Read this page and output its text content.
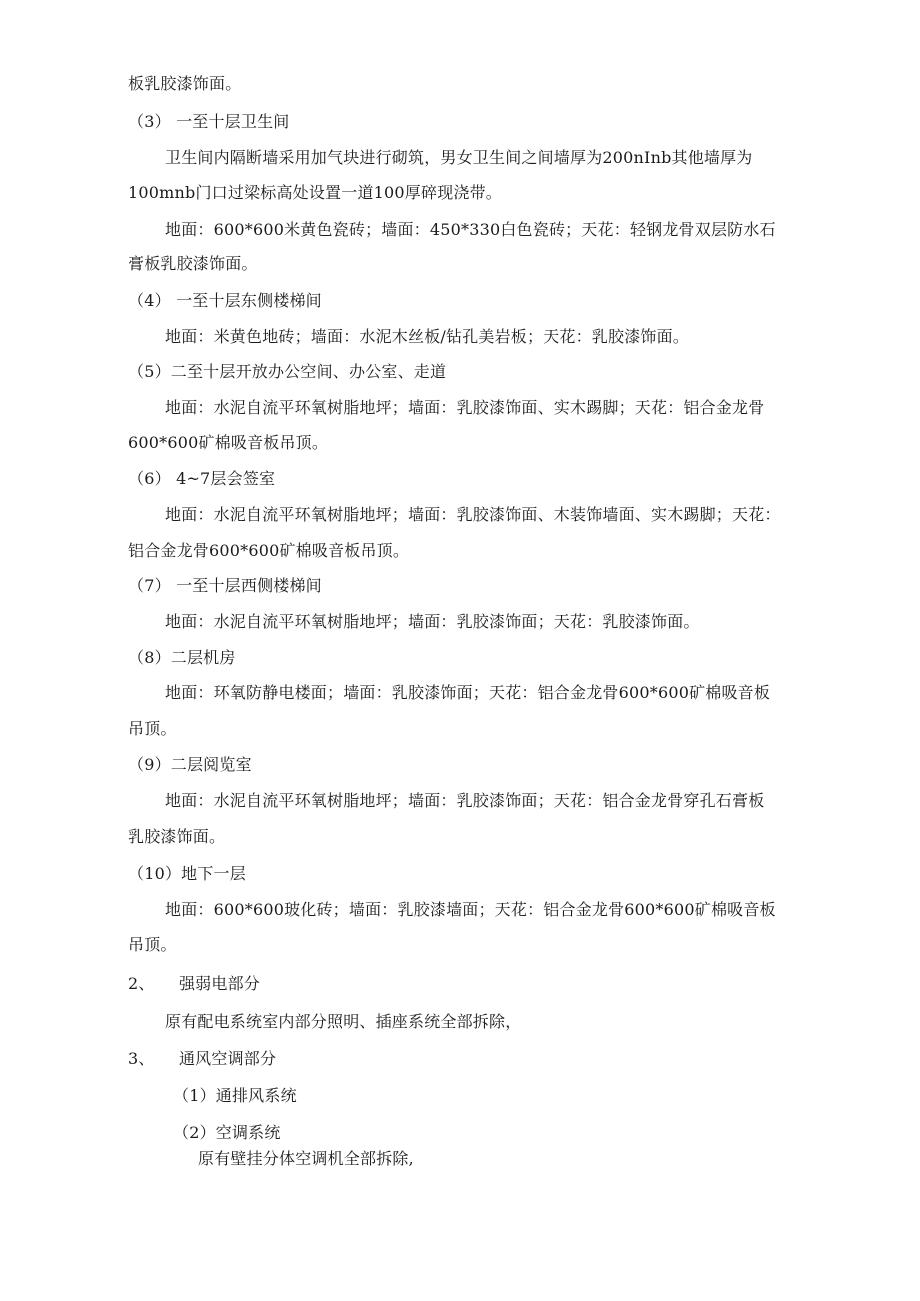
板乳胶漆饰面。
（3） 一至十层卫生间
卫生间内隔断墙采用加气块进行砌筑，男女卫生间之间墙厚为200nInb其他墙厚为
100mnb门口过梁标高处设置一道100厚碎现浇带。
地面：600*600米黄色瓷砖；墙面：450*330白色瓷砖；天花：轻钢龙骨双层防水石
膏板乳胶漆饰面。
（4） 一至十层东侧楼梯间
地面：米黄色地砖；墙面：水泥木丝板/钻孔美岩板；天花：乳胶漆饰面。
（5）二至十层开放办公空间、办公室、走道
地面：水泥自流平环氧树脂地坪；墙面：乳胶漆饰面、实木踢脚；天花：铝合金龙骨
600*600矿棉吸音板吊顶。
（6） 4~7层会签室
地面：水泥自流平环氧树脂地坪；墙面：乳胶漆饰面、木装饰墙面、实木踢脚；天花：
铝合金龙骨600*600矿棉吸音板吊顶。
（7） 一至十层西侧楼梯间
地面：水泥自流平环氧树脂地坪；墙面：乳胶漆饰面；天花：乳胶漆饰面。
（8）二层机房
地面：环氧防静电楼面；墙面：乳胶漆饰面；天花：铝合金龙骨600*600矿棉吸音板
吊顶。
（9）二层阅览室
地面：水泥自流平环氧树脂地坪；墙面：乳胶漆饰面；天花：铝合金龙骨穿孔石膏板
乳胶漆饰面。
（10）地下一层
地面：600*600玻化砖；墙面：乳胶漆墙面；天花：铝合金龙骨600*600矿棉吸音板
吊顶。
2、　　强弱电部分
原有配电系统室内部分照明、插座系统全部拆除，
3、　　通风空调部分
（1）通排风系统
（2）空调系统
原有壁挂分体空调机全部拆除,
